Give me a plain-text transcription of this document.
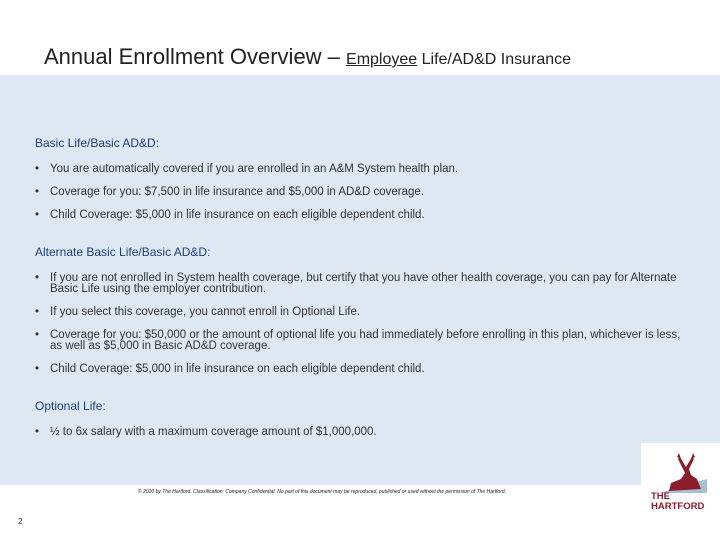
Annual Enrollment Overview – Employee Life/AD&D Insurance
Basic Life/Basic AD&D:
• You are automatically covered if you are enrolled in an A&M System health plan.
• Coverage for you: $7,500 in life insurance and $5,000 in AD&D coverage.
• Child Coverage: $5,000 in life insurance on each eligible dependent child.
Alternate Basic Life/Basic AD&D:
• If you are not enrolled in System health coverage, but certify that you have other health coverage, you can pay for Alternate Basic Life using the employer contribution.
• If you select this coverage, you cannot enroll in Optional Life.
• Coverage for you: $50,000 or the amount of optional life you had immediately before enrolling in this plan, whichever is less, as well as $5,000 in Basic AD&D coverage.
• Child Coverage: $5,000 in life insurance on each eligible dependent child.
Optional Life:
• ½ to 6x salary with a maximum coverage amount of $1,000,000.
THE
HARTFORD
© 2020 by The Hartford. Classification: Company Confidential. No part of this document may be reproduced, published or used without the permission of The Hartford.
2
